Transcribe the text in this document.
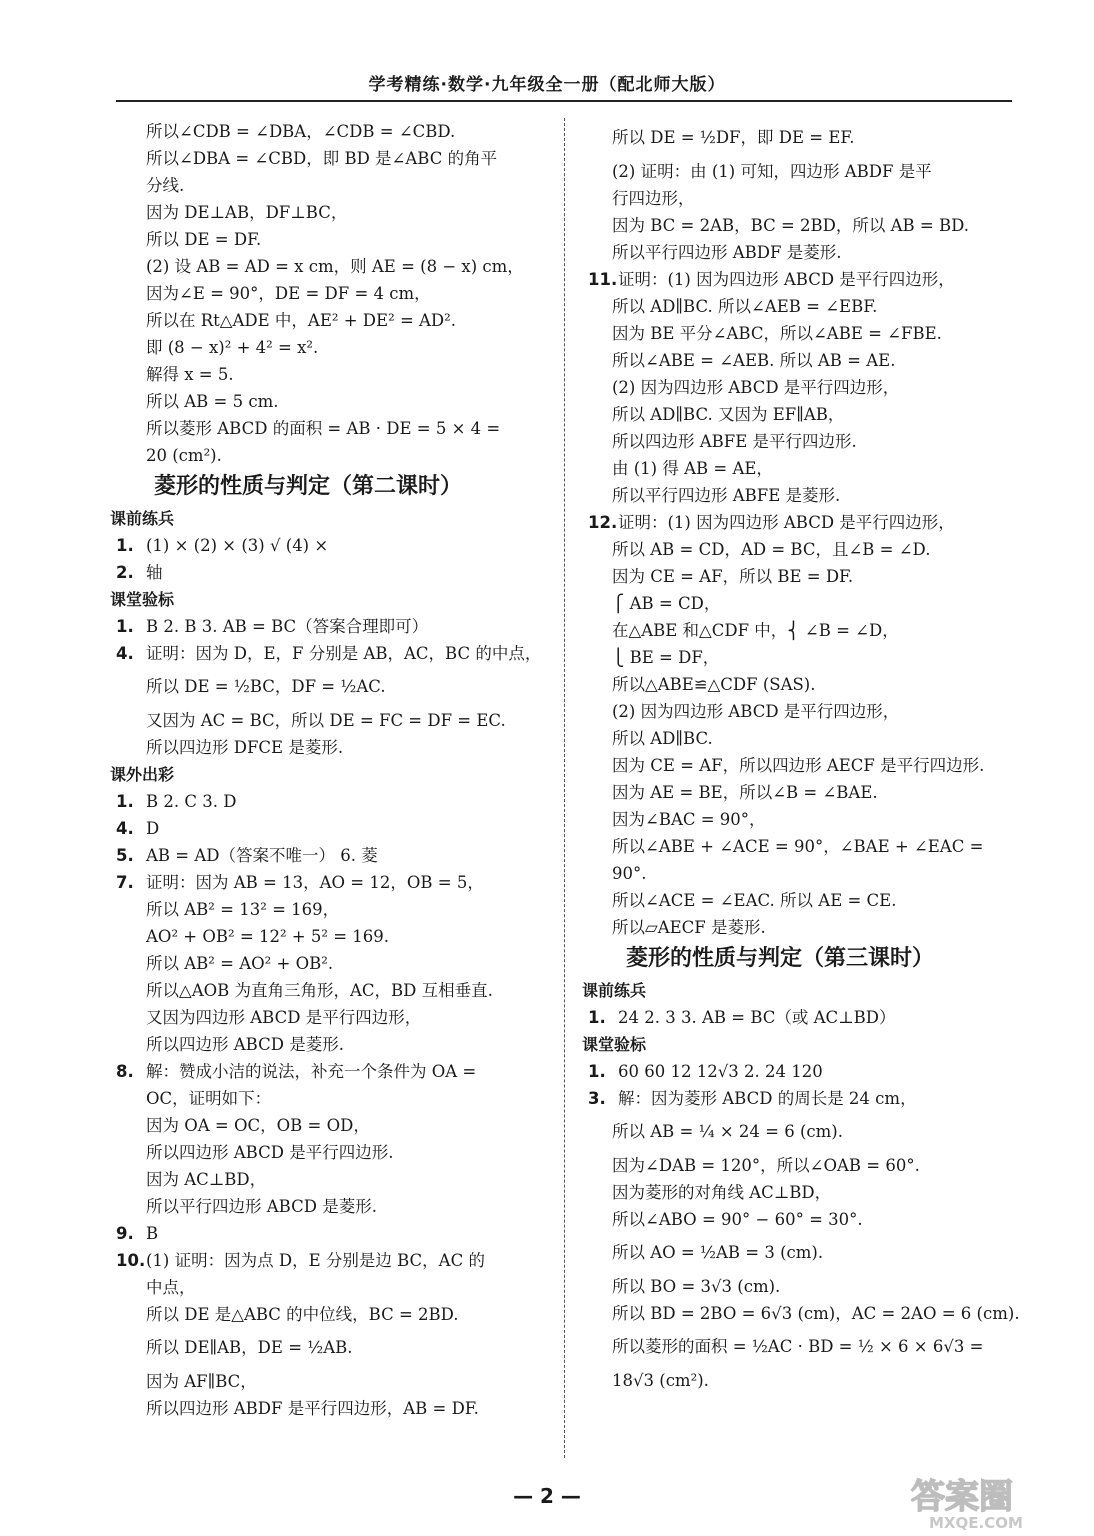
学考精练·数学·九年级全一册（配北师大版）
所以∠CDB = ∠DBA，∠CDB = ∠CBD.
所以∠DBA = ∠CBD，即 BD 是∠ABC 的角平
分线.
因为 DE⊥AB，DF⊥BC，
所以 DE = DF.
(2) 设 AB = AD = x cm，则 AE = (8 − x) cm，
因为∠E = 90°，DE = DF = 4 cm，
所以在 Rt△ADE 中，AE² + DE² = AD².
即 (8 − x)² + 4² = x².
解得 x = 5.
所以 AB = 5 cm.
所以菱形 ABCD 的面积 = AB · DE = 5 × 4 =
20 (cm²).
菱形的性质与判定（第二课时）
课前练兵
1. (1) × (2) × (3) √ (4) ×
2. 轴
课堂验标
1. B 2. B 3. AB = BC（答案合理即可）
4. 证明：因为 D，E，F 分别是 AB，AC，BC 的中点，
所以 DE = ½BC，DF = ½AC.
又因为 AC = BC，所以 DE = FC = DF = EC.
所以四边形 DFCE 是菱形.
课外出彩
1. B 2. C 3. D
4. D
5. AB = AD（答案不唯一） 6. 菱
7. 证明：因为 AB = 13，AO = 12，OB = 5，
所以 AB² = 13² = 169，
AO² + OB² = 12² + 5² = 169.
所以 AB² = AO² + OB².
所以△AOB 为直角三角形，AC，BD 互相垂直.
又因为四边形 ABCD 是平行四边形，
所以四边形 ABCD 是菱形.
8. 解：赞成小洁的说法，补充一个条件为 OA =
OC，证明如下：
因为 OA = OC，OB = OD，
所以四边形 ABCD 是平行四边形.
因为 AC⊥BD，
所以平行四边形 ABCD 是菱形.
9. B
10.(1) 证明：因为点 D，E 分别是边 BC，AC 的
中点，
所以 DE 是△ABC 的中位线，BC = 2BD.
所以 DE∥AB，DE = ½AB.
因为 AF∥BC，
所以四边形 ABDF 是平行四边形，AB = DF.
所以 DE = ½DF，即 DE = EF.
(2) 证明：由 (1) 可知，四边形 ABDF 是平
行四边形，
因为 BC = 2AB，BC = 2BD，所以 AB = BD.
所以平行四边形 ABDF 是菱形.
11.证明：(1) 因为四边形 ABCD 是平行四边形，
所以 AD∥BC. 所以∠AEB = ∠EBF.
因为 BE 平分∠ABC，所以∠ABE = ∠FBE.
所以∠ABE = ∠AEB. 所以 AB = AE.
(2) 因为四边形 ABCD 是平行四边形，
所以 AD∥BC. 又因为 EF∥AB，
所以四边形 ABFE 是平行四边形.
由 (1) 得 AB = AE，
所以平行四边形 ABFE 是菱形.
12.证明：(1) 因为四边形 ABCD 是平行四边形，
所以 AB = CD，AD = BC，且∠B = ∠D.
因为 CE = AF，所以 BE = DF.
⎧ AB = CD，
在△ABE 和△CDF 中，⎨ ∠B = ∠D，
⎩ BE = DF，
所以△ABE≌△CDF (SAS).
(2) 因为四边形 ABCD 是平行四边形，
所以 AD∥BC.
因为 CE = AF，所以四边形 AECF 是平行四边形.
因为 AE = BE，所以∠B = ∠BAE.
因为∠BAC = 90°，
所以∠ABE + ∠ACE = 90°，∠BAE + ∠EAC =
90°.
所以∠ACE = ∠EAC. 所以 AE = CE.
所以▱AECF 是菱形.
菱形的性质与判定（第三课时）
课前练兵
1. 24 2. 3 3. AB = BC（或 AC⊥BD）
课堂验标
1. 60 60 12 12√3 2. 24 120
3. 解：因为菱形 ABCD 的周长是 24 cm，
所以 AB = ¼ × 24 = 6 (cm).
因为∠DAB = 120°，所以∠OAB = 60°.
因为菱形的对角线 AC⊥BD，
所以∠ABO = 90° − 60° = 30°.
所以 AO = ½AB = 3 (cm).
所以 BO = 3√3 (cm).
所以 BD = 2BO = 6√3 (cm)，AC = 2AO = 6 (cm).
所以菱形的面积 = ½AC · BD = ½ × 6 × 6√3 =
18√3 (cm²).
— 2 —	答案圈
MXQE.COM
